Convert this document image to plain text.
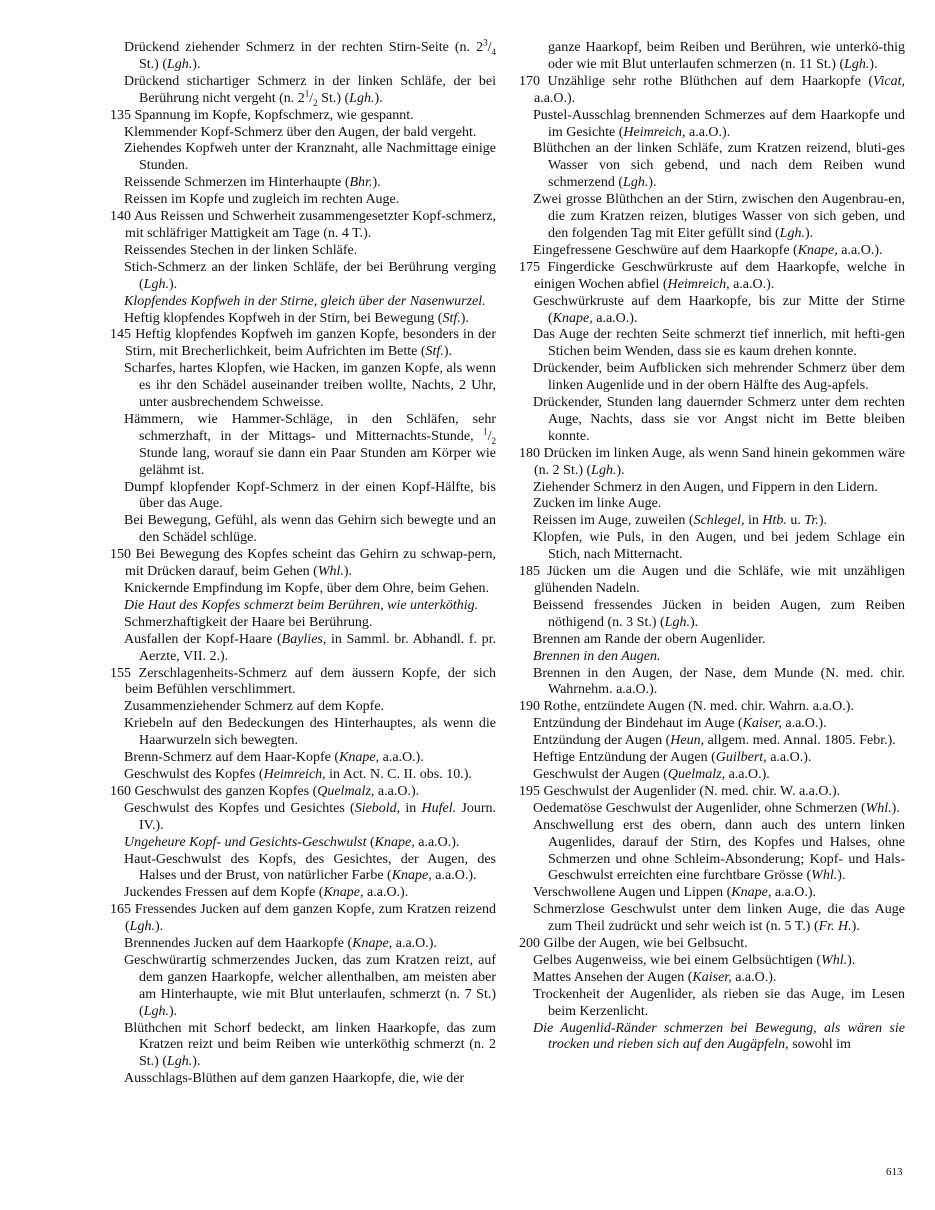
Drückend ziehender Schmerz in der rechten Stirn-Seite (n. $2^3/_4$ St.) (Lgh.).

Drückend stichartiger Schmerz in der linken Schläfe, der bei Berührung nicht vergeht (n. $2^1/_2$ St.) (Lgh.).

135 Spannung im Kopfe, Kopfschmerz, wie gespannt.

Klemmender Kopf-Schmerz über den Augen, der bald vergeht.

Ziehendes Kopfweh unter der Kranznaht, alle Nachmittage einige Stunden.

Reissende Schmerzen im Hinterhaupte (Bhr.).

Reissen im Kopfe und zugleich im rechten Auge.

140 Aus Reissen und Schwerheit zusammengesetzter Kopf-schmerz, mit schläfriger Mattigkeit am Tage (n. 4 T.).

Reissendes Stechen in der linken Schläfe.

Stich-Schmerz an der linken Schläfe, der bei Berührung verging (Lgh.).

Klopfendes Kopfweh in der Stirne, gleich über der Nasenwurzel.

Heftig klopfendes Kopfweh in der Stirn, bei Bewegung (Stf.).

145 Heftig klopfendes Kopfweh im ganzen Kopfe, besonders in der Stirn, mit Brecherlichkeit, beim Aufrichten im Bette (Stf.).

Scharfes, hartes Klopfen, wie Hacken, im ganzen Kopfe, als wenn es ihr den Schädel auseinander treiben wollte, Nachts, 2 Uhr, unter ausbrechendem Schweisse.

Hämmern, wie Hammer-Schläge, in den Schläfen, sehr schmerzhaft, in der Mittags- und Mitternachts-Stunde, $^1/_2$ Stunde lang, worauf sie dann ein Paar Stunden am Körper wie gelähmt ist.

Dumpf klopfender Kopf-Schmerz in der einen Kopf-Hälfte, bis über das Auge.

Bei Bewegung, Gefühl, als wenn das Gehirn sich bewegte und an den Schädel schlüge.

150 Bei Bewegung des Kopfes scheint das Gehirn zu schwap-pern, mit Drücken darauf, beim Gehen (Whl.).

Knickernde Empfindung im Kopfe, über dem Ohre, beim Gehen.

Die Haut des Kopfes schmerzt beim Berühren, wie unterköthig.

Schmerzhaftigkeit der Haare bei Berührung.

Ausfallen der Kopf-Haare (Baylies, in Samml. br. Abhandl. f. pr. Aerzte, VII. 2.).

155 Zerschlagenheits-Schmerz auf dem äussern Kopfe, der sich beim Befühlen verschlimmert.

Zusammenziehender Schmerz auf dem Kopfe.

Kriebeln auf den Bedeckungen des Hinterhauptes, als wenn die Haarwurzeln sich bewegten.

Brenn-Schmerz auf dem Haar-Kopfe (Knape, a.a.O.).

Geschwulst des Kopfes (Heimreich, in Act. N. C. II. obs. 10.).

160 Geschwulst des ganzen Kopfes (Quelmalz, a.a.O.).

Geschwulst des Kopfes und Gesichtes (Siebold, in Hufel. Journ. IV.).

Ungeheure Kopf- und Gesichts-Geschwulst (Knape, a.a.O.).

Haut-Geschwulst des Kopfs, des Gesichtes, der Augen, des Halses und der Brust, von natürlicher Farbe (Knape, a.a.O.).

Juckendes Fressen auf dem Kopfe (Knape, a.a.O.).

165 Fressendes Jucken auf dem ganzen Kopfe, zum Kratzen reizend (Lgh.).

Brennendes Jucken auf dem Haarkopfe (Knape, a.a.O.).

Geschwürartig schmerzendes Jucken, das zum Kratzen reizt, auf dem ganzen Haarkopfe, welcher allenthalben, am meisten aber am Hinterhaupte, wie mit Blut unterlaufen, schmerzt (n. 7 St.) (Lgh.).

Blüthchen mit Schorf bedeckt, am linken Haarkopfe, das zum Kratzen reizt und beim Reiben wie unterköthig schmerzt (n. 2 St.) (Lgh.).

Ausschlags-Blüthen auf dem ganzen Haarkopfe, die, wie der

ganze Haarkopf, beim Reiben und Berühren, wie unterkö-thig oder wie mit Blut unterlaufen schmerzen (n. 11 St.) (Lgh.).

170 Unzählige sehr rothe Blüthchen auf dem Haarkopfe (Vicat, a.a.O.).

Pustel-Ausschlag brennenden Schmerzes auf dem Haarkopfe und im Gesichte (Heimreich, a.a.O.).

Blüthchen an der linken Schläfe, zum Kratzen reizend, bluti-ges Wasser von sich gebend, und nach dem Reiben wund schmerzend (Lgh.).

Zwei grosse Blüthchen an der Stirn, zwischen den Augenbrau-en, die zum Kratzen reizen, blutiges Wasser von sich geben, und den folgenden Tag mit Eiter gefüllt sind (Lgh.).

Eingefressene Geschwüre auf dem Haarkopfe (Knape, a.a.O.).

175 Fingerdicke Geschwürkruste auf dem Haarkopfe, welche in einigen Wochen abfiel (Heimreich, a.a.O.).

Geschwürkruste auf dem Haarkopfe, bis zur Mitte der Stirne (Knape, a.a.O.).

Das Auge der rechten Seite schmerzt tief innerlich, mit hefti-gen Stichen beim Wenden, dass sie es kaum drehen konnte.

Drückender, beim Aufblicken sich mehrender Schmerz über dem linken Augenlide und in der obern Hälfte des Aug-apfels.

Drückender, Stunden lang dauernder Schmerz unter dem rechten Auge, Nachts, dass sie vor Angst nicht im Bette bleiben konnte.

180 Drücken im linken Auge, als wenn Sand hinein gekommen wäre (n. 2 St.) (Lgh.).

Ziehender Schmerz in den Augen, und Fippern in den Lidern.

Zucken im linke Auge.

Reissen im Auge, zuweilen (Schlegel, in Htb. u. Tr.).

Klopfen, wie Puls, in den Augen, und bei jedem Schlage ein Stich, nach Mitternacht.

185 Jücken um die Augen und die Schläfe, wie mit unzähligen glühenden Nadeln.

Beissend fressendes Jücken in beiden Augen, zum Reiben nöthigend (n. 3 St.) (Lgh.).

Brennen am Rande der obern Augenlider.

Brennen in den Augen.

Brennen in den Augen, der Nase, dem Munde (N. med. chir. Wahrnehm. a.a.O.).

190 Rothe, entzündete Augen (N. med. chir. Wahrn. a.a.O.).

Entzündung der Bindehaut im Auge (Kaiser, a.a.O.).

Entzündung der Augen (Heun, allgem. med. Annal. 1805. Febr.).

Heftige Entzündung der Augen (Guilbert, a.a.O.).

Geschwulst der Augen (Quelmalz, a.a.O.).

195 Geschwulst der Augenlider (N. med. chir. W. a.a.O.).

Oedematöse Geschwulst der Augenlider, ohne Schmerzen (Whl.).

Anschwellung erst des obern, dann auch des untern linken Augenlides, darauf der Stirn, des Kopfes und Halses, ohne Schmerzen und ohne Schleim-Absonderung; Kopf- und Hals-Geschwulst erreichten eine furchtbare Grösse (Whl.).

Verschwollene Augen und Lippen (Knape, a.a.O.).

Schmerzlose Geschwulst unter dem linken Auge, die das Auge zum Theil zudrückt und sehr weich ist (n. 5 T.) (Fr. H.).

200 Gilbe der Augen, wie bei Gelbsucht.

Gelbes Augenweiss, wie bei einem Gelbsüchtigen (Whl.).

Mattes Ansehen der Augen (Kaiser, a.a.O.).

Trockenheit der Augenlider, als rieben sie das Auge, im Lesen beim Kerzenlicht.

Die Augenlid-Ränder schmerzen bei Bewegung, als wären sie trocken und rieben sich auf den Augäpfeln, sowohl im

613
